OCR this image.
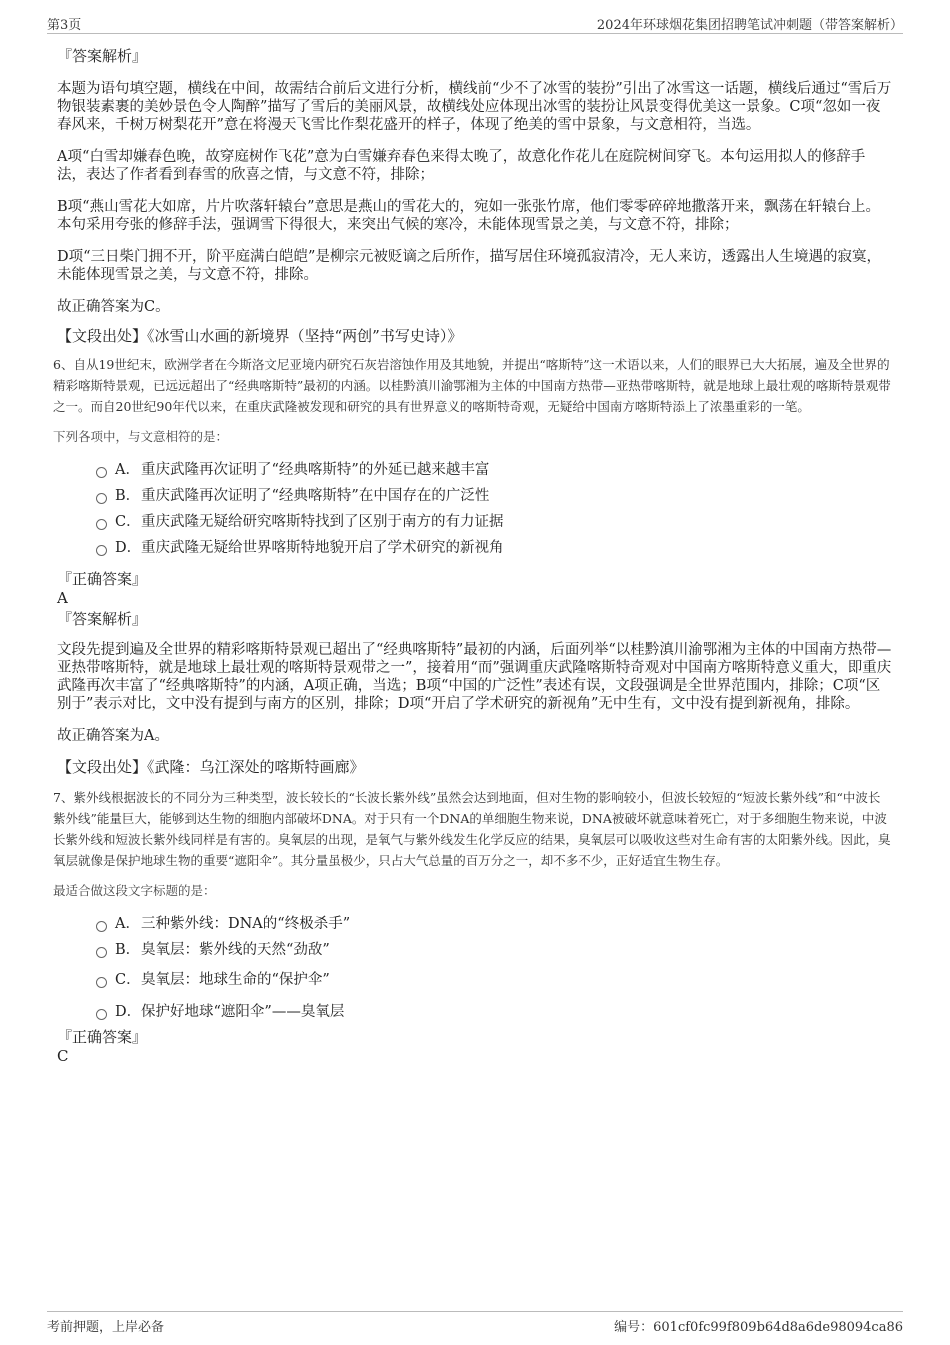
第3页	2024年环球烟花集团招聘笔试冲刺题（带答案解析）
『答案解析』
本题为语句填空题，横线在中间，故需结合前后文进行分析，横线前“少不了冰雪的装扮”引出了冰雪这一话题，横线后通过“雪后万物银装素裹的美妙景色令人陶醉”描写了雪后的美丽风景，故横线处应体现出冰雪的装扮让风景变得优美这一景象。C项“忽如一夜春风来，千树万树梨花开”意在将漫天飞雪比作梨花盛开的样子，体现了绝美的雪中景象，与文意相符，当选。
A项“白雪却嫌春色晚，故穿庭树作飞花”意为白雪嫌弃春色来得太晚了，故意化作花儿在庭院树间穿飞。本句运用拟人的修辞手法，表达了作者看到春雪的欣喜之情，与文意不符，排除；
B项“燕山雪花大如席，片片吹落轩辕台”意思是燕山的雪花大的，宛如一张张竹席，他们零零碎碎地撒落开来，飘荡在轩辕台上。本句采用夸张的修辞手法，强调雪下得很大，来突出气候的寒冷，未能体现雪景之美，与文意不符，排除；
D项“三日柴门拥不开，阶平庭满白皑皑”是柳宗元被贬谪之后所作，描写居住环境孤寂清冷，无人来访，透露出人生境遇的寂寞，未能体现雪景之美，与文意不符，排除。
故正确答案为C。
【文段出处】《冰雪山水画的新境界（坚持“两创”书写史诗）》
6、自从19世纪末，欧洲学者在今斯洛文尼亚境内研究石灰岩溶蚀作用及其地貌，并提出“喀斯特”这一术语以来，人们的眼界已大大拓展，遍及全世界的精彩喀斯特景观，已远远超出了“经典喀斯特”最初的内涵。以桂黔滇川渝鄂湘为主体的中国南方热带—亚热带喀斯特，就是地球上最壮观的喀斯特景观带之一。而自20世纪90年代以来，在重庆武隆被发现和研究的具有世界意义的喀斯特奇观，无疑给中国南方喀斯特添上了浓墨重彩的一笔。
下列各项中，与文意相符的是：
A． 重庆武隆再次证明了“经典喀斯特”的外延已越来越丰富
B． 重庆武隆再次证明了“经典喀斯特”在中国存在的广泛性
C． 重庆武隆无疑给研究喀斯特找到了区别于南方的有力证据
D． 重庆武隆无疑给世界喀斯特地貌开启了学术研究的新视角
『正确答案』
A
『答案解析』
文段先提到遍及全世界的精彩喀斯特景观已超出了“经典喀斯特”最初的内涵，后面列举“以桂黔滇川渝鄂湘为主体的中国南方热带—亚热带喀斯特，就是地球上最壮观的喀斯特景观带之一”，接着用“而”强调重庆武隆喀斯特奇观对中国南方喀斯特意义重大，即重庆武隆再次丰富了“经典喀斯特”的内涵，A项正确，当选；B项“中国的广泛性”表述有误，文段强调是全世界范围内，排除；C项“区别于”表示对比，文中没有提到与南方的区别，排除；D项“开启了学术研究的新视角”无中生有，文中没有提到新视角，排除。
故正确答案为A。
【文段出处】《武隆：乌江深处的喀斯特画廊》
7、紫外线根据波长的不同分为三种类型，波长较长的“长波长紫外线”虽然会达到地面，但对生物的影响较小，但波长较短的“短波长紫外线”和“中波长紫外线”能量巨大，能够到达生物的细胞内部破坏DNA。对于只有一个DNA的单细胞生物来说，DNA被破坏就意味着死亡，对于多细胞生物来说，中波长紫外线和短波长紫外线同样是有害的。臭氧层的出现，是氧气与紫外线发生化学反应的结果，臭氧层可以吸收这些对生命有害的太阳紫外线。因此，臭氧层就像是保护地球生物的重要“遮阳伞”。其分量虽极少，只占大气总量的百万分之一，却不多不少，正好适宜生物生存。
最适合做这段文字标题的是：
A． 三种紫外线：DNA的“终极杀手”
B． 臭氧层：紫外线的天然“劲敌”
C． 臭氧层：地球生命的“保护伞”
D． 保护好地球“遮阳伞”——臭氧层
『正确答案』
C
考前押题，上岸必备	编号：601cf0fc99f809b64d8a6de98094ca86
